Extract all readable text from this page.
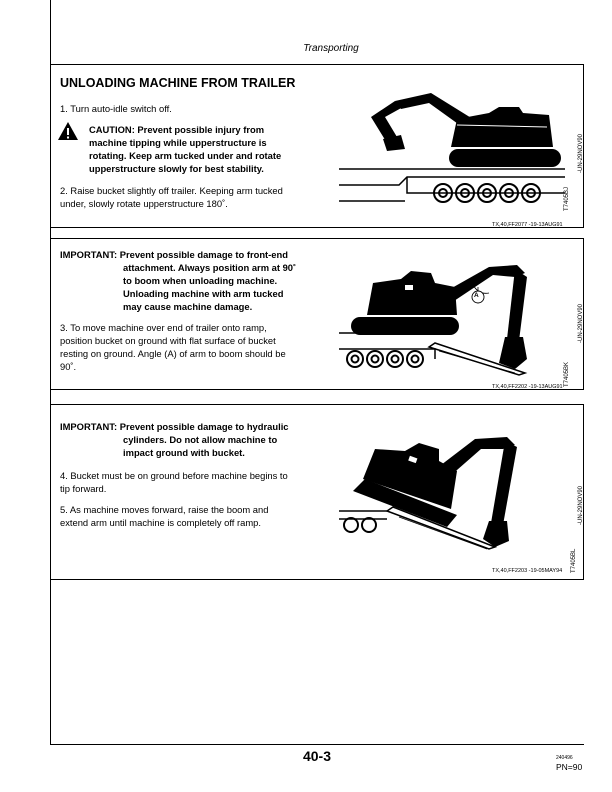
Transporting
UNLOADING MACHINE FROM TRAILER
1. Turn auto-idle switch off.
CAUTION: Prevent possible injury from
machine tipping while upperstructure is
rotating. Keep arm tucked under and rotate
upperstructure slowly for best stability.
2. Raise bucket slightly off trailer. Keeping arm tucked
under, slowly rotate upperstructure 180˚.	T7405BJ
-UN-29NOV90
TX,40,FF2077 -19-13AUG91
IMPORTANT: Prevent possible damage to front-end
attachment. Always position arm at 90˚
to boom when unloading machine.
Unloading machine with arm tucked
may cause machine damage.
3. To move machine over end of trailer onto ramp,
position bucket on ground with flat surface of bucket
resting on ground. Angle (A) of arm to boom should be
90˚.
A
T7405BK
-UN-29NOV90
TX,40,FF2202 -19-13AUG91
IMPORTANT: Prevent possible damage to hydraulic
cylinders. Do not allow machine to
impact ground with bucket.
4. Bucket must be on ground before machine begins to
tip forward.
5. As machine moves forward, raise the boom and
extend arm until machine is completely off ramp.
T7405BL
-UN-29NOV90
TX,40,FF2203 -19-05MAY94
40-3	240496
PN=90
